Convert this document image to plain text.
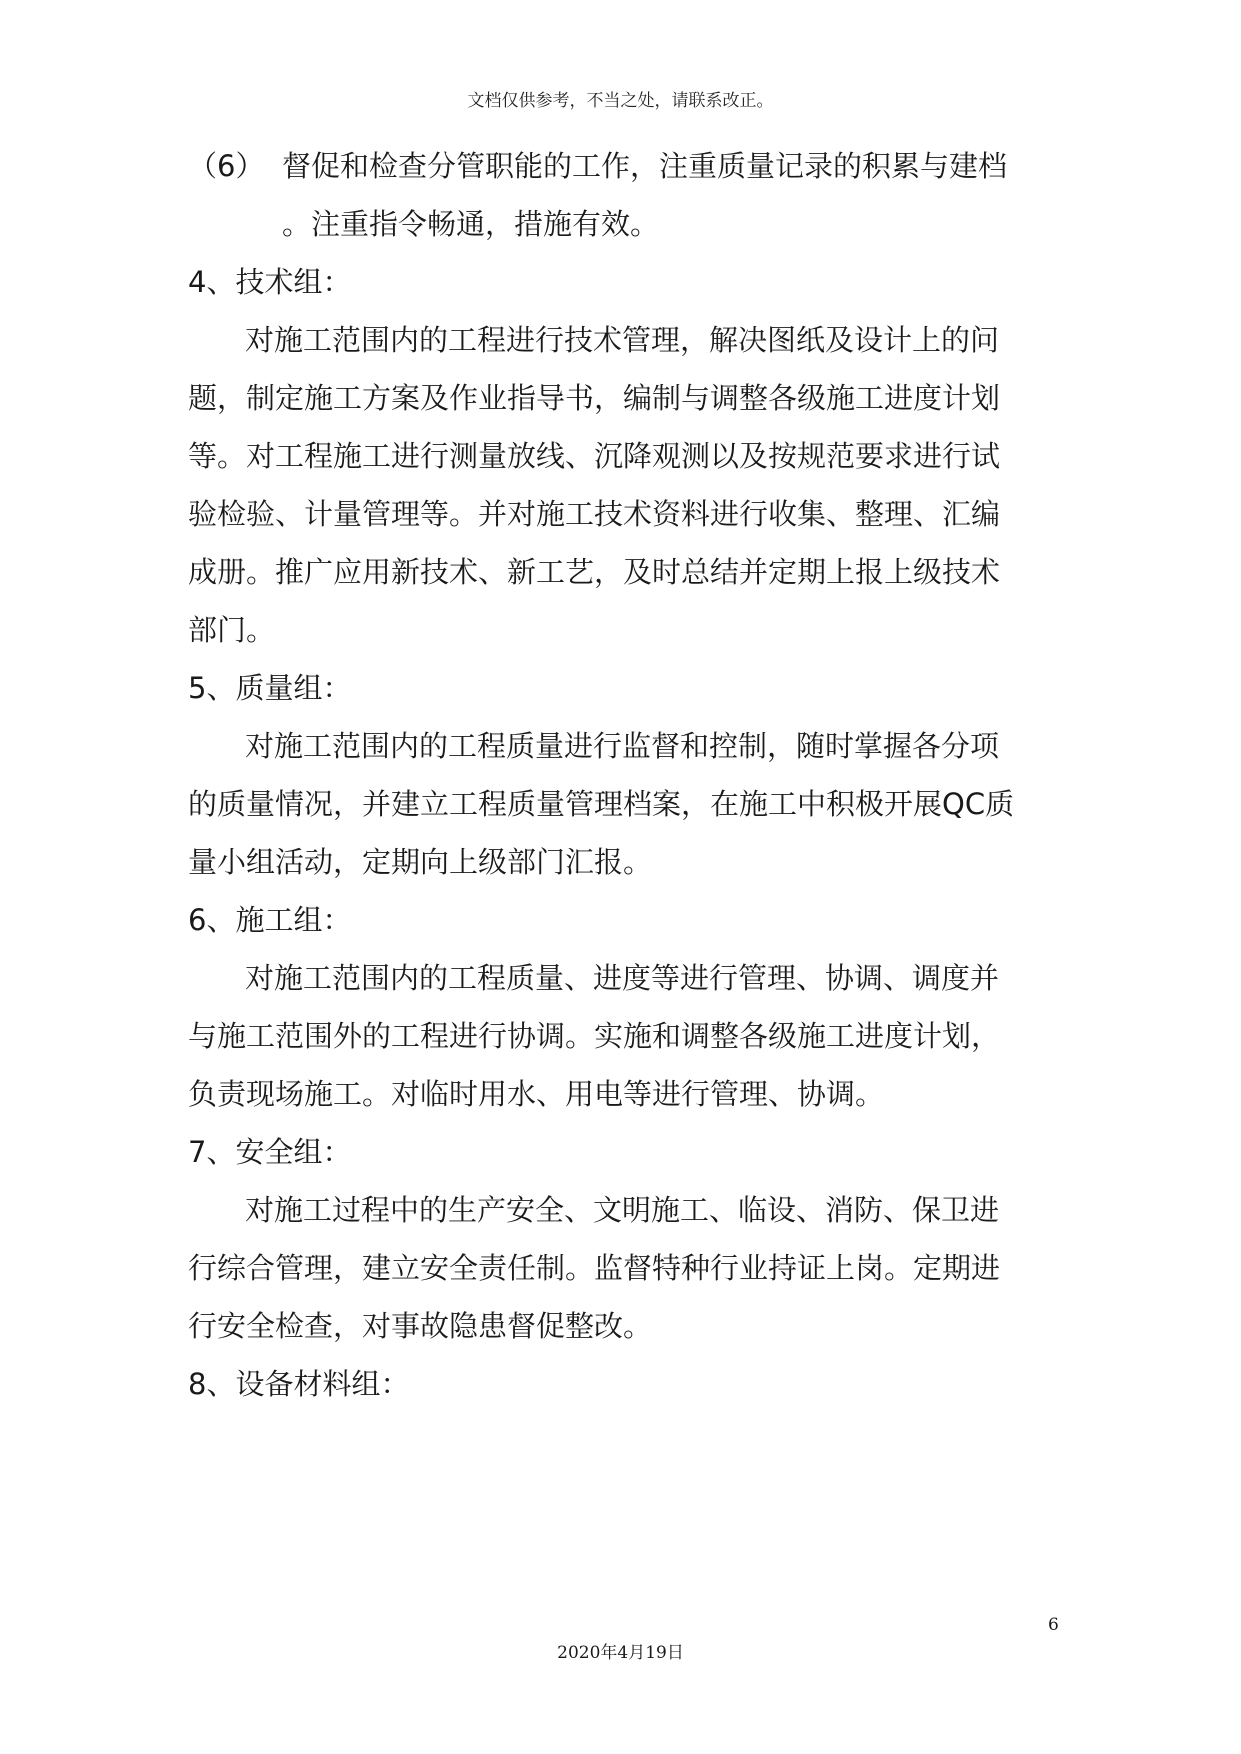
文档仅供参考，不当之处，请联系改正。
（6） 督促和检查分管职能的工作，注重质量记录的积累与建档
。注重指令畅通，措施有效。
4、技术组：
对施工范围内的工程进行技术管理，解决图纸及设计上的问
题，制定施工方案及作业指导书，编制与调整各级施工进度计划
等。对工程施工进行测量放线、沉降观测以及按规范要求进行试
验检验、计量管理等。并对施工技术资料进行收集、整理、汇编
成册。推广应用新技术、新工艺，及时总结并定期上报上级技术
部门。
5、质量组：
对施工范围内的工程质量进行监督和控制，随时掌握各分项
的质量情况，并建立工程质量管理档案，在施工中积极开展QC质
量小组活动，定期向上级部门汇报。
6、施工组：
对施工范围内的工程质量、进度等进行管理、协调、调度并
与施工范围外的工程进行协调。实施和调整各级施工进度计划，
负责现场施工。对临时用水、用电等进行管理、协调。
7、安全组：
对施工过程中的生产安全、文明施工、临设、消防、保卫进
行综合管理，建立安全责任制。监督特种行业持证上岗。定期进
行安全检查，对事故隐患督促整改。
8、设备材料组：
6
2020年4月19日
